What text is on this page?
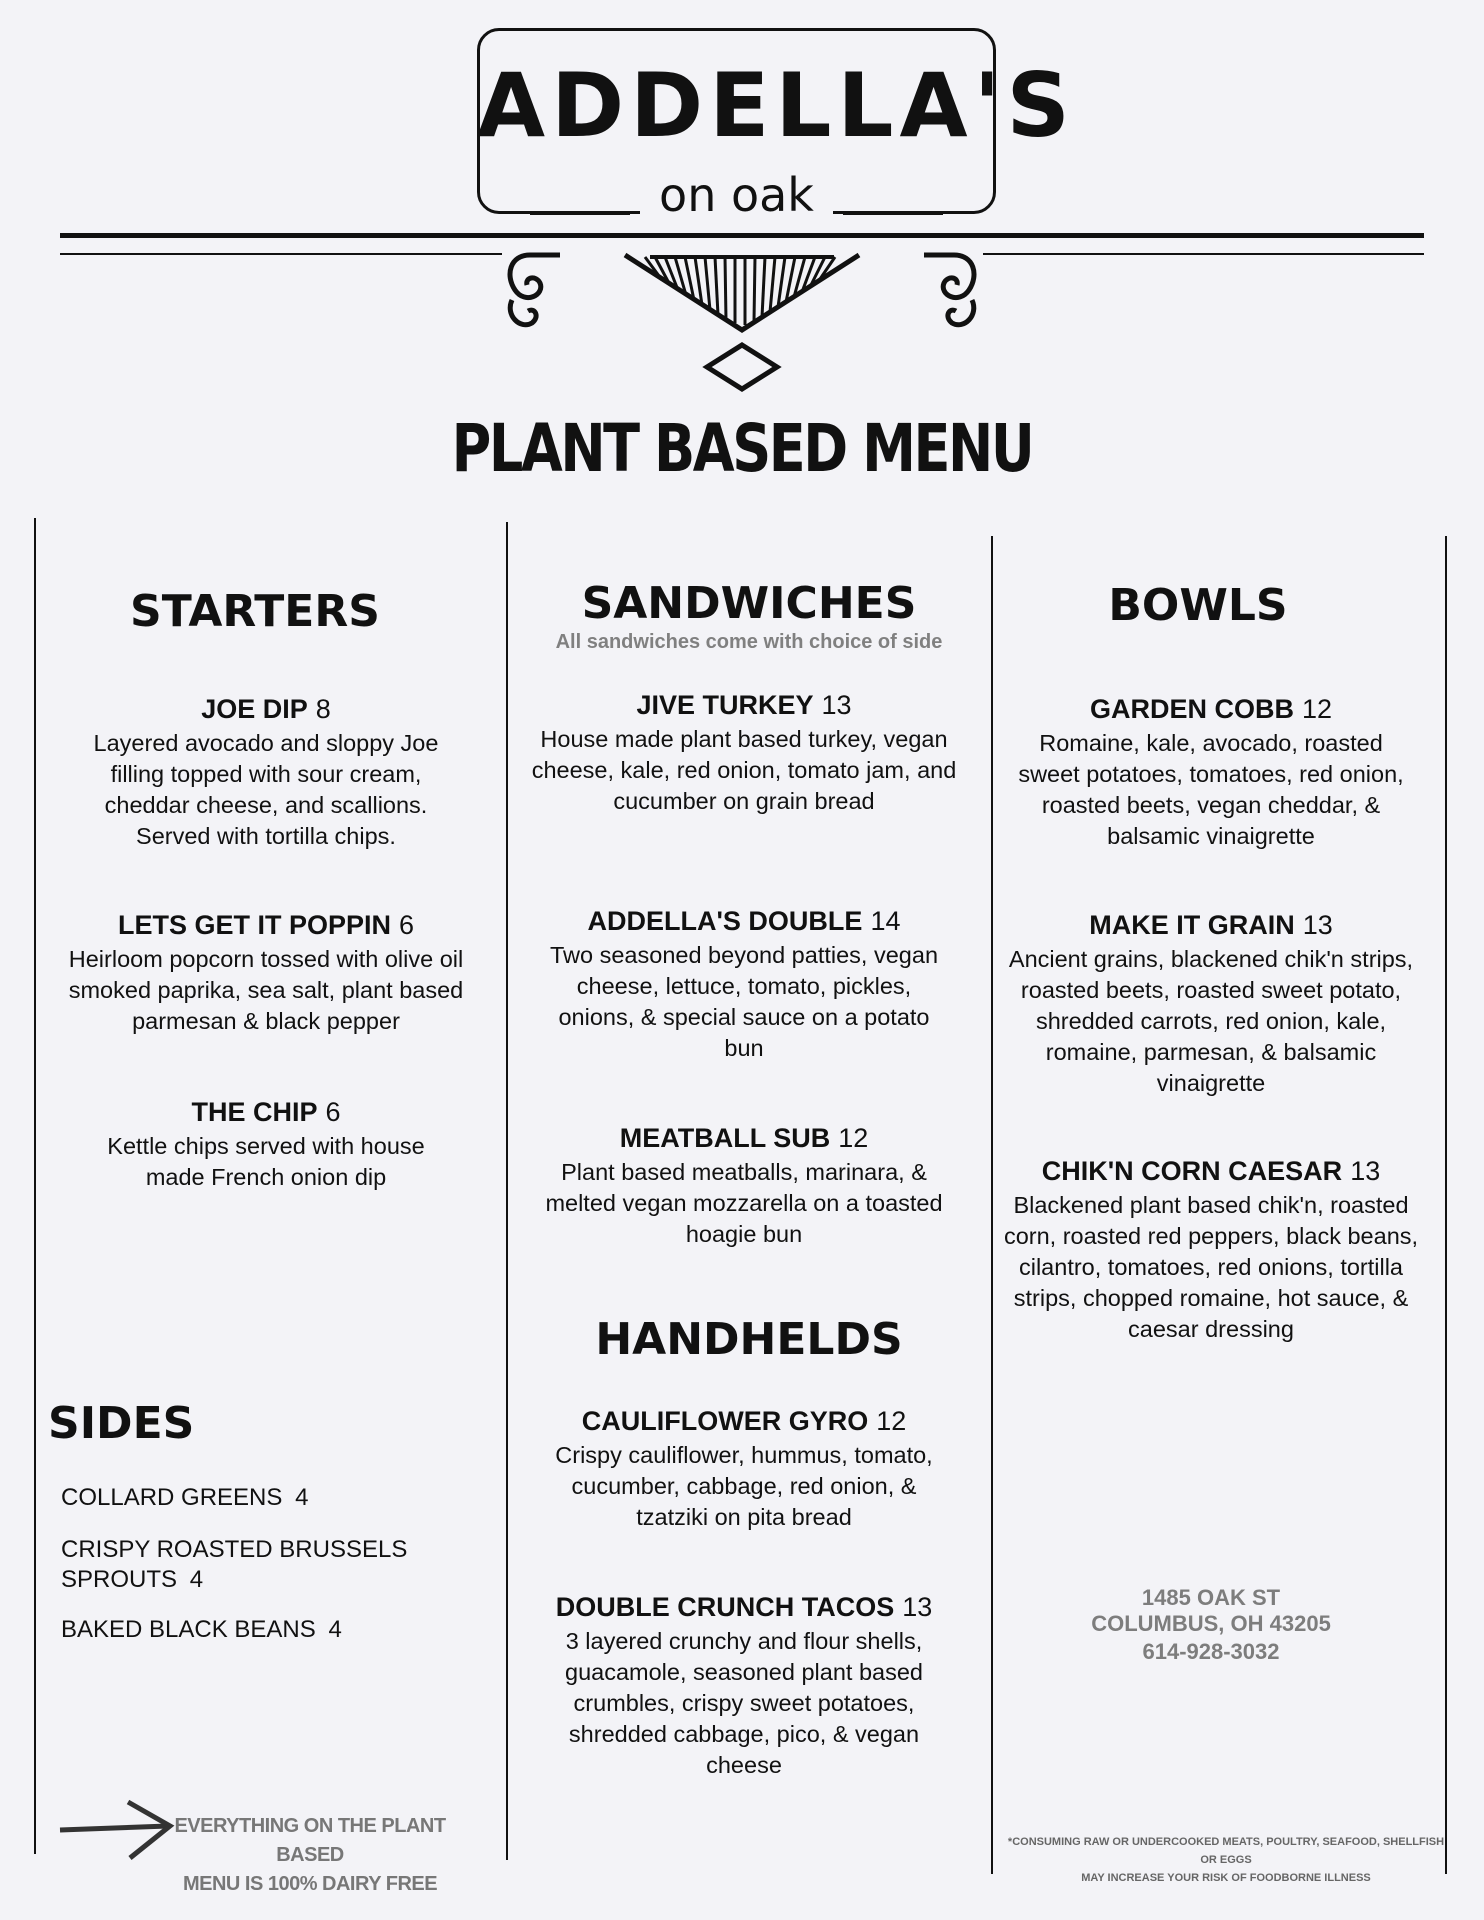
ADDELLA'S
on oak
PLANT BASED MENU
STARTERS
JOE DIP 8
Layered avocado and sloppy Joe filling topped with sour cream, cheddar cheese, and scallions. Served with tortilla chips.
LETS GET IT POPPIN 6
Heirloom popcorn tossed with olive oil smoked paprika, sea salt, plant based parmesan & black pepper
THE CHIP 6
Kettle chips served with house made French onion dip
SIDES
COLLARD GREENS 4
CRISPY ROASTED BRUSSELS SPROUTS 4
BAKED BLACK BEANS 4
EVERYTHING ON THE PLANT BASED
MENU IS 100% DAIRY FREE
SANDWICHES
All sandwiches come with choice of side
JIVE TURKEY 13
House made plant based turkey, vegan cheese, kale, red onion, tomato jam, and cucumber on grain bread
ADDELLA'S DOUBLE 14
Two seasoned beyond patties, vegan cheese, lettuce, tomato, pickles, onions, & special sauce on a potato bun
MEATBALL SUB 12
Plant based meatballs, marinara, & melted vegan mozzarella on a toasted hoagie bun
HANDHELDS
CAULIFLOWER GYRO 12
Crispy cauliflower, hummus, tomato, cucumber, cabbage, red onion, & tzatziki on pita bread
DOUBLE CRUNCH TACOS 13
3 layered crunchy and flour shells, guacamole, seasoned plant based crumbles, crispy sweet potatoes, shredded cabbage, pico, & vegan cheese
BOWLS
GARDEN COBB 12
Romaine, kale, avocado, roasted sweet potatoes, tomatoes, red onion, roasted beets, vegan cheddar, & balsamic vinaigrette
MAKE IT GRAIN 13
Ancient grains, blackened chik'n strips, roasted beets, roasted sweet potato, shredded carrots, red onion, kale, romaine, parmesan, & balsamic vinaigrette
CHIK'N CORN CAESAR 13
Blackened plant based chik'n, roasted corn, roasted red peppers, black beans, cilantro, tomatoes, red onions, tortilla strips, chopped romaine, hot sauce, & caesar dressing
1485 OAK ST
COLUMBUS, OH 43205
614-928-3032
*CONSUMING RAW OR UNDERCOOKED MEATS, POULTRY, SEAFOOD, SHELLFISH OR EGGS
MAY INCREASE YOUR RISK OF FOODBORNE ILLNESS
